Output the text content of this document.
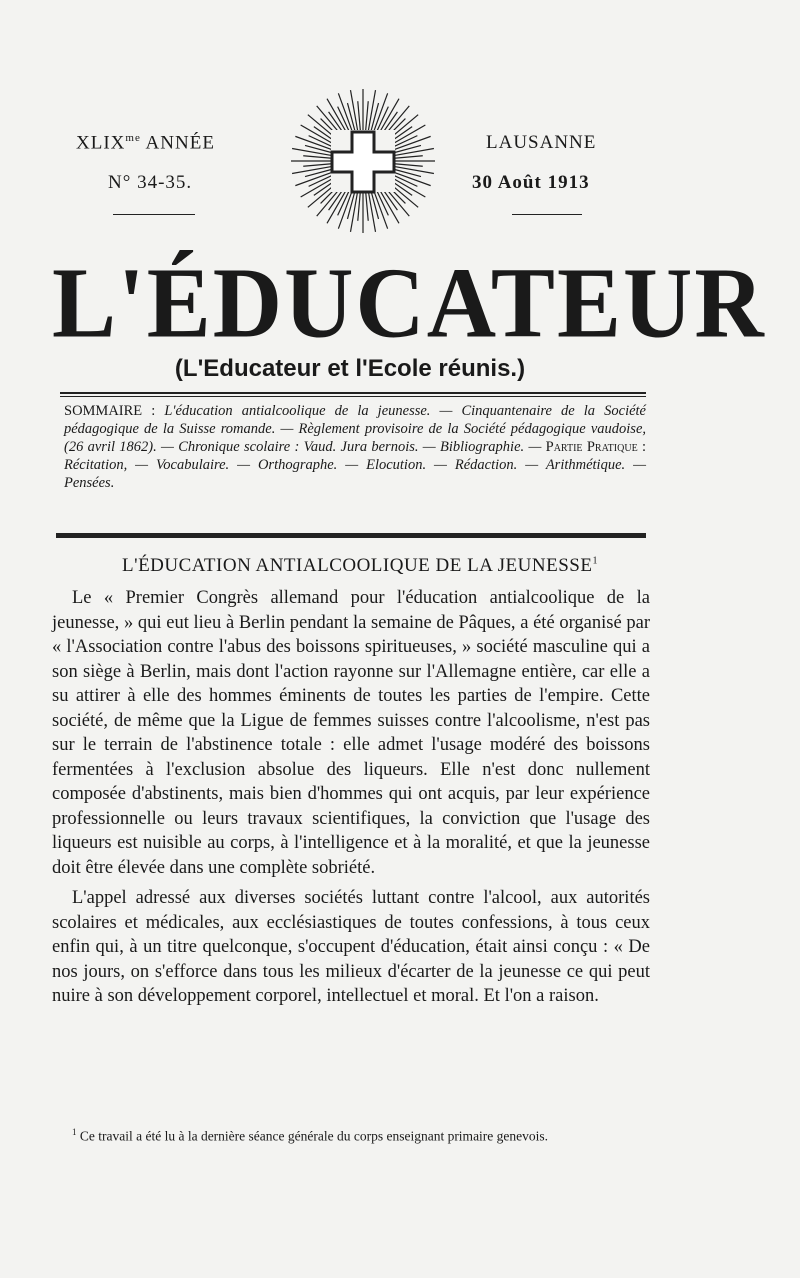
$XLIX^{me}$ ANNÉE
N° 34-35.
LAUSANNE
30 Août 1913
L'ÉDUCATEUR
(L'Educateur et l'Ecole réunis.)
SOMMAIRE : L'éducation antialcoolique de la jeunesse. — Cinquantenaire de la Société pédagogique de la Suisse romande. — Règlement provisoire de la Société pédagogique vaudoise, (26 avril 1862). — Chronique scolaire : Vaud. Jura bernois. — Bibliographie. — Partie Pratique : Récitation, — Vocabulaire. — Orthographe. — Elocution. — Rédaction. — Arithmétique. — Pensées.
L'ÉDUCATION ANTIALCOOLIQUE DE LA JEUNESSE$^1$

Le « Premier Congrès allemand pour l'éducation antialcoolique de la jeunesse, » qui eut lieu à Berlin pendant la semaine de Pâques, a été organisé par « l'Association contre l'abus des boissons spiritueuses, » société masculine qui a son siège à Berlin, mais dont l'action rayonne sur l'Allemagne entière, car elle a su attirer à elle des hommes éminents de toutes les parties de l'empire. Cette société, de même que la Ligue de femmes suisses contre l'alcoolisme, n'est pas sur le terrain de l'abstinence totale : elle admet l'usage modéré des boissons fermentées à l'exclusion absolue des liqueurs. Elle n'est donc nullement composée d'abstinents, mais bien d'hommes qui ont acquis, par leur expérience professionnelle ou leurs travaux scientifiques, la conviction que l'usage des liqueurs est nuisible au corps, à l'intelligence et à la moralité, et que la jeunesse doit être élevée dans une complète sobriété.

L'appel adressé aux diverses sociétés luttant contre l'alcool, aux autorités scolaires et médicales, aux ecclésiastiques de toutes confessions, à tous ceux enfin qui, à un titre quelconque, s'occupent d'éducation, était ainsi conçu : « De nos jours, on s'efforce dans tous les milieux d'écarter de la jeunesse ce qui peut nuire à son développement corporel, intellectuel et moral. Et l'on a raison.

$^1$ Ce travail a été lu à la dernière séance générale du corps enseignant primaire genevois.
